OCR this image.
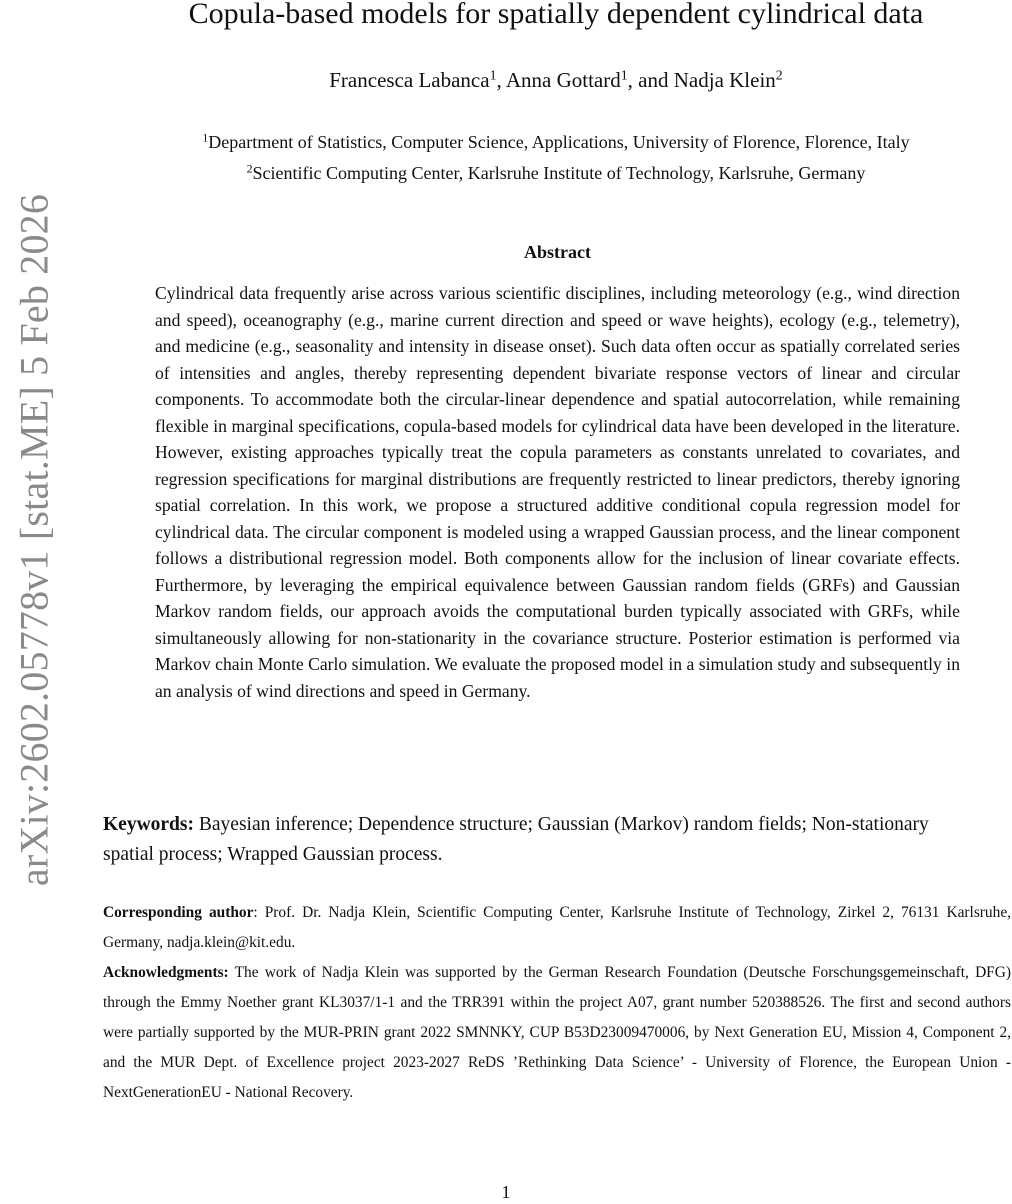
arXiv:2602.05778v1 [stat.ME] 5 Feb 2026
Copula-based models for spatially dependent cylindrical data
Francesca Labanca$^1$, Anna Gottard$^1$, and Nadja Klein$^2$
$^1$Department of Statistics, Computer Science, Applications, University of Florence, Florence, Italy
$^2$Scientific Computing Center, Karlsruhe Institute of Technology, Karlsruhe, Germany
Abstract

Cylindrical data frequently arise across various scientific disciplines, including meteorology (e.g., wind direction and speed), oceanography (e.g., marine current direction and speed or wave heights), ecology (e.g., telemetry), and medicine (e.g., seasonality and intensity in disease onset). Such data often occur as spatially correlated series of intensities and angles, thereby representing dependent bivariate response vectors of linear and circular components. To accommodate both the circular-linear dependence and spatial autocorrelation, while remaining flexible in marginal specifications, copula-based models for cylindrical data have been developed in the literature. However, existing approaches typically treat the copula parameters as constants unrelated to covariates, and regression specifications for marginal distributions are frequently restricted to linear predictors, thereby ignoring spatial correlation. In this work, we propose a structured additive conditional copula regression model for cylindrical data. The circular component is modeled using a wrapped Gaussian process, and the linear component follows a distributional regression model. Both components allow for the inclusion of linear covariate effects. Furthermore, by leveraging the empirical equivalence between Gaussian random fields (GRFs) and Gaussian Markov random fields, our approach avoids the computational burden typically associated with GRFs, while simultaneously allowing for non-stationarity in the covariance structure. Posterior estimation is performed via Markov chain Monte Carlo simulation. We evaluate the proposed model in a simulation study and subsequently in an analysis of wind directions and speed in Germany.

Keywords: Bayesian inference; Dependence structure; Gaussian (Markov) random fields; Non-stationary spatial process; Wrapped Gaussian process.

Corresponding author: Prof. Dr. Nadja Klein, Scientific Computing Center, Karlsruhe Institute of Technology, Zirkel 2, 76131 Karlsruhe, Germany, nadja.klein@kit.edu.

Acknowledgments: The work of Nadja Klein was supported by the German Research Foundation (Deutsche Forschungsgemeinschaft, DFG) through the Emmy Noether grant KL3037/1-1 and the TRR391 within the project A07, grant number 520388526. The first and second authors were partially supported by the MUR-PRIN grant 2022 SMNNKY, CUP B53D23009470006, by Next Generation EU, Mission 4, Component 2, and the MUR Dept. of Excellence project 2023-2027 ReDS ’Rethinking Data Science’ - University of Florence, the European Union - NextGenerationEU - National Recovery.

1
